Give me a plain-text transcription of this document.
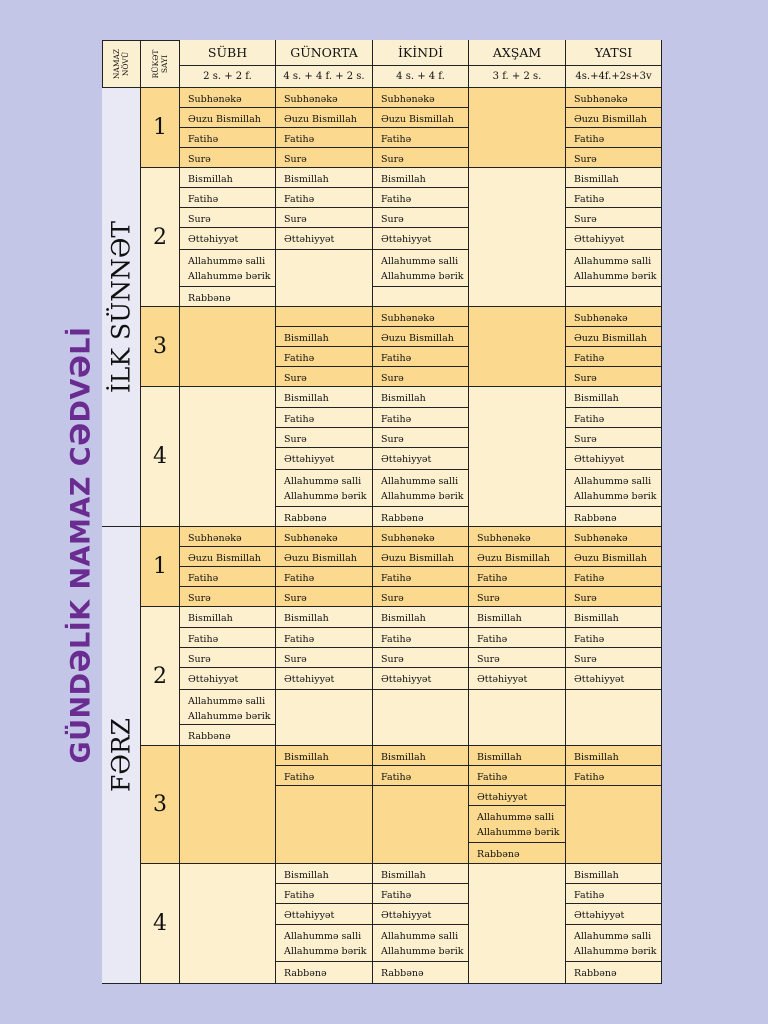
GÜNDƏLİK NAMAZ CƏDVƏLİ
NAMAZ
NÖVÜ	RÜKƏT
SAYI
SÜBH
2 s. + 2 f.
GÜNORTA
4 s. + 4 f. + 2 s.
İKİNDİ
4 s. + 4 f.
AXŞAM
3 f. + 2 s.
YATSI
4s.+4f.+2s+3v
İLK SÜNNƏT
1
Subhənəkə
Əuzu Bismillah
Fatihə
Surə
Subhənəkə
Əuzu Bismillah
Fatihə
Surə
Subhənəkə
Əuzu Bismillah
Fatihə
Surə
Subhənəkə
Əuzu Bismillah
Fatihə
Surə
2
Bismillah
Fatihə
Surə
Əttəhiyyət
Allahummə salli
Allahummə bərik
Rabbənə
Bismillah
Fatihə
Surə
Əttəhiyyət
Bismillah
Fatihə
Surə
Əttəhiyyət
Allahummə salli
Allahummə bərik
Bismillah
Fatihə
Surə
Əttəhiyyət
Allahummə salli
Allahummə bərik
3	Bismillah
Fatihə
Surə
Subhənəkə
Əuzu Bismillah
Fatihə
Surə
Subhənəkə
Əuzu Bismillah
Fatihə
Surə
4
Bismillah
Fatihə
Surə
Əttəhiyyət
Allahummə salli
Allahummə bərik
Rabbənə
Bismillah
Fatihə
Surə
Əttəhiyyət
Allahummə salli
Allahummə bərik
Rabbənə
Bismillah
Fatihə
Surə
Əttəhiyyət
Allahummə salli
Allahummə bərik
Rabbənə
FƏRZ
1
Subhənəkə
Əuzu Bismillah
Fatihə
Surə
Subhənəkə
Əuzu Bismillah
Fatihə
Surə
Subhənəkə
Əuzu Bismillah
Fatihə
Surə
Subhənəkə
Əuzu Bismillah
Fatihə
Surə
Subhənəkə
Əuzu Bismillah
Fatihə
Surə
2
Bismillah
Fatihə
Surə
Əttəhiyyət
Allahummə salli
Allahummə bərik
Rabbənə
Bismillah
Fatihə
Surə
Əttəhiyyət
Bismillah
Fatihə
Surə
Əttəhiyyət
Bismillah
Fatihə
Surə
Əttəhiyyət
Bismillah
Fatihə
Surə
Əttəhiyyət
3
Bismillah
Fatihə
Bismillah
Fatihə
Bismillah
Fatihə
Əttəhiyyət
Allahummə salli
Allahummə bərik
Rabbənə
Bismillah
Fatihə
4
Bismillah
Fatihə
Əttəhiyyət
Allahummə salli
Allahummə bərik
Rabbənə
Bismillah
Fatihə
Əttəhiyyət
Allahummə salli
Allahummə bərik
Rabbənə
Bismillah
Fatihə
Əttəhiyyət
Allahummə salli
Allahummə bərik
Rabbənə
